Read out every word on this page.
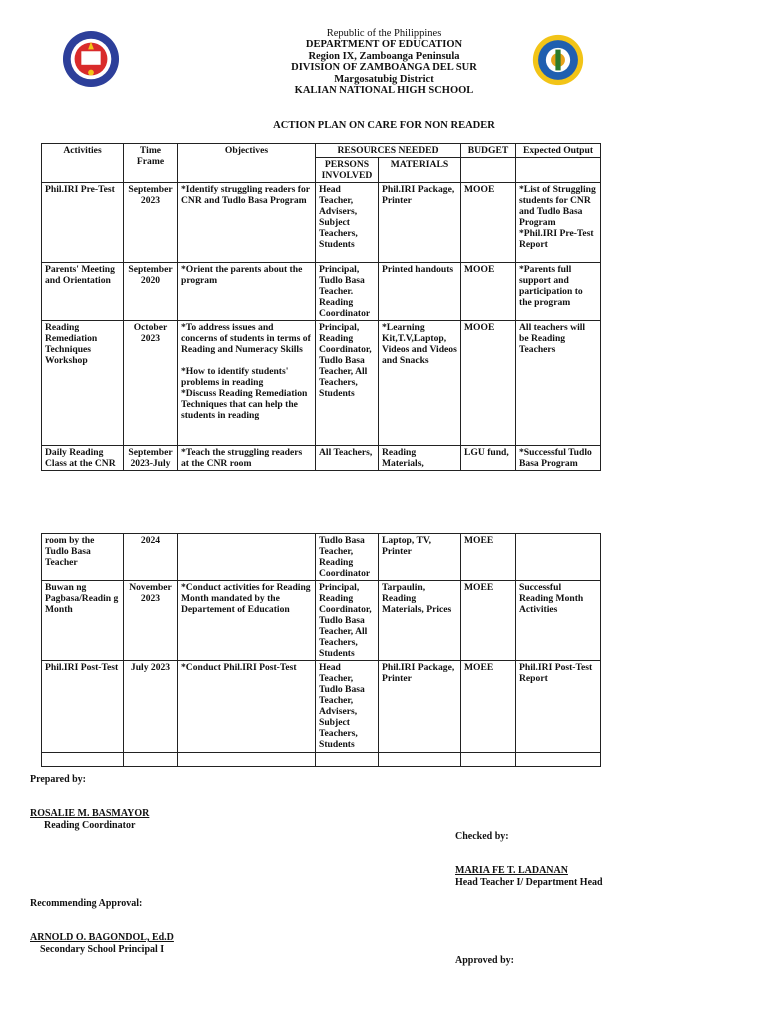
Republic of the Philippines
DEPARTMENT OF EDUCATION
Region IX, Zamboanga Peninsula
DIVISION OF ZAMBOANGA DEL SUR
Margosatubig District
KALIAN NATIONAL HIGH SCHOOL
ACTION PLAN ON CARE FOR NON READER
Activities	Time Frame	Objectives	RESOURCES NEEDED		BUDGET	Expected Output
			PERSONS INVOLVED	MATERIALS		
Phil.IRI Pre-Test	September 2023	*Identify struggling readers for CNR and Tudlo Basa Program	Head Teacher, Advisers, Subject Teachers, Students	Phil.IRI Package, Printer	MOOE	*List of Struggling students for CNR and Tudlo Basa Program
*Phil.IRI Pre-Test Report
Parents' Meeting and Orientation	September 2020	*Orient the parents about the program	Principal, Tudlo Basa Teacher. Reading Coordinator	Printed handouts	MOOE	*Parents full support and participation to the program
Reading Remediation Techniques Workshop	October 2023	*To address issues and concerns of students in terms of Reading and Numeracy Skills

*How to identify students' problems in reading
*Discuss Reading Remediation Techniques that can help the students in reading	Principal, Reading Coordinator, Tudlo Basa Teacher, All Teachers, Students	*Learning Kit,T.V,Laptop, Videos and Videos and Snacks	MOOE	All teachers will be Reading Teachers
Daily Reading Class at the CNR	September 2023-July	*Teach the struggling readers at the CNR room	All Teachers,	Reading Materials,	LGU fund,	*Successful Tudlo Basa Program
room by the Tudlo Basa Teacher	2024		Tudlo Basa Teacher, Reading Coordinator	Laptop, TV, Printer	MOEE	
Buwan ng Pagbasa/Readin g Month	November 2023	*Conduct activities for Reading Month mandated by the Departement of Education	Principal, Reading Coordinator, Tudlo Basa Teacher, All Teachers, Students	Tarpaulin, Reading Materials, Prices	MOEE	Successful Reading Month Activities
Phil.IRI Post-Test	July 2023	*Conduct Phil.IRI Post-Test	Head Teacher, Tudlo Basa Teacher, Advisers, Subject Teachers, Students	Phil.IRI Package, Printer	MOEE	Phil.IRI Post-Test Report

Prepared by:
ROSALIE M. BASMAYOR
Reading Coordinator
Checked by:
MARIA FE T. LADANAN
Head Teacher I/ Department Head
Recommending Approval:
ARNOLD O. BAGONDOL, Ed.D
Secondary School Principal I
Approved by:
